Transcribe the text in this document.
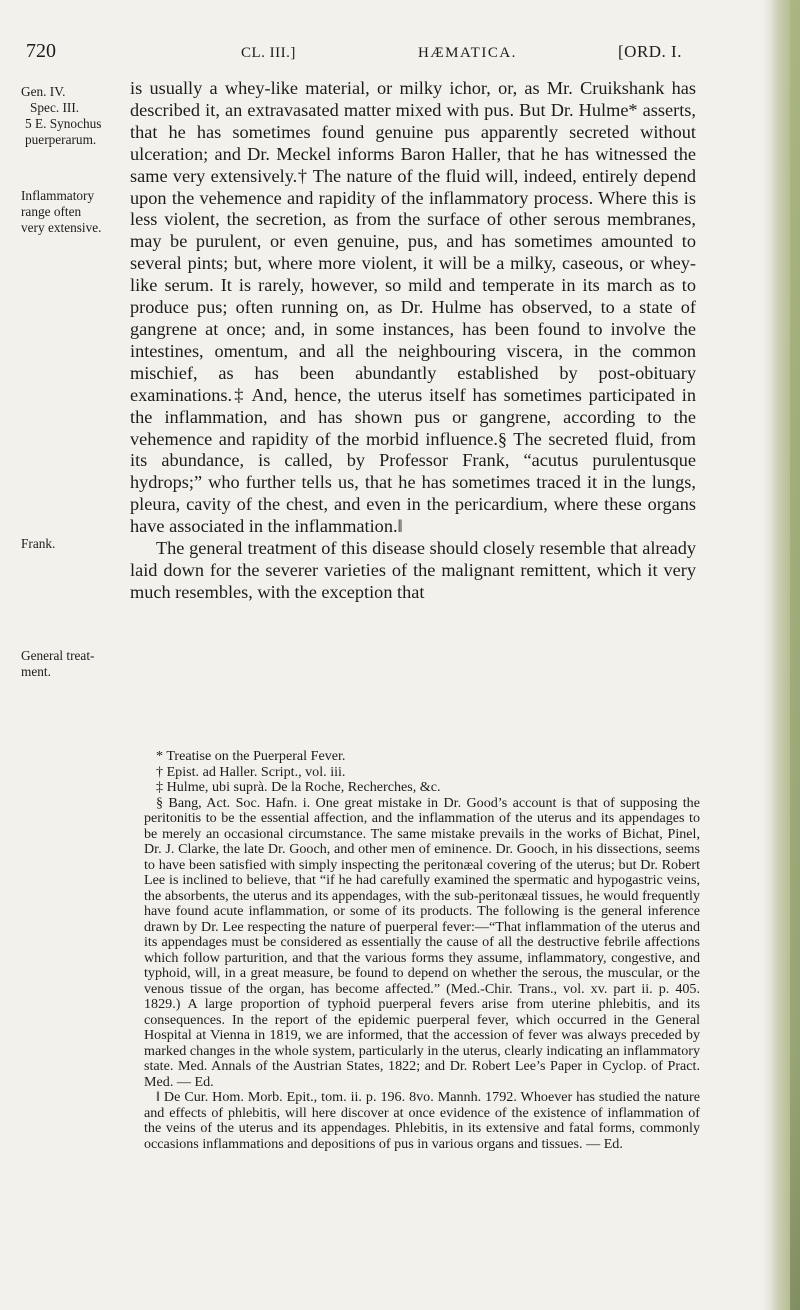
720	CL. III.]	HÆMATICA.	[ORD. I.
Gen. IV.
Spec. III.
5 E. Synochus
puerperarum.
Inflammatory
range often
very extensive.
Frank.
General treat-
ment.

is usually a whey-like material, or milky ichor, or, as Mr. Cruikshank has described it, an extravasated matter mixed with pus. But Dr. Hulme* asserts, that he has sometimes found genuine pus apparently secreted without ulceration; and Dr. Meckel informs Baron Haller, that he has witnessed the same very extensively.† The nature of the fluid will, indeed, entirely depend upon the vehemence and rapidity of the inflammatory process. Where this is less violent, the secretion, as from the surface of other serous membranes, may be purulent, or even genuine, pus, and has sometimes amounted to several pints; but, where more violent, it will be a milky, caseous, or whey-like serum. It is rarely, however, so mild and temperate in its march as to produce pus; often running on, as Dr. Hulme has observed, to a state of gangrene at once; and, in some instances, has been found to involve the intestines, omentum, and all the neighbouring viscera, in the common mischief, as has been abundantly established by post-obituary examinations.‡ And, hence, the uterus itself has sometimes participated in the inflammation, and has shown pus or gangrene, according to the vehemence and rapidity of the morbid influence.§ The secreted fluid, from its abundance, is called, by Professor Frank, “acutus purulentusque hydrops;” who further tells us, that he has sometimes traced it in the lungs, pleura, cavity of the chest, and even in the pericardium, where these organs have associated in the inflammation.‖

The general treatment of this disease should closely resemble that already laid down for the severer varieties of the malignant remittent, which it very much resembles, with the exception that

* Treatise on the Puerperal Fever.

† Epist. ad Haller. Script., vol. iii.

‡ Hulme, ubi suprà. De la Roche, Recherches, &c.

§ Bang, Act. Soc. Hafn. i. One great mistake in Dr. Good’s account is that of supposing the peritonitis to be the essential affection, and the inflammation of the uterus and its appendages to be merely an occasional circumstance. The same mistake prevails in the works of Bichat, Pinel, Dr. J. Clarke, the late Dr. Gooch, and other men of eminence. Dr. Gooch, in his dissections, seems to have been satisfied with simply inspecting the peritonæal covering of the uterus; but Dr. Robert Lee is inclined to believe, that “if he had carefully examined the spermatic and hypogastric veins, the absorbents, the uterus and its appendages, with the sub-peritonæal tissues, he would frequently have found acute inflammation, or some of its products. The following is the general inference drawn by Dr. Lee respecting the nature of puerperal fever:—“That inflammation of the uterus and its appendages must be considered as essentially the cause of all the destructive febrile affections which follow parturition, and that the various forms they assume, inflammatory, congestive, and typhoid, will, in a great measure, be found to depend on whether the serous, the muscular, or the venous tissue of the organ, has become affected.” (Med.-Chir. Trans., vol. xv. part ii. p. 405. 1829.) A large proportion of typhoid puerperal fevers arise from uterine phlebitis, and its consequences. In the report of the epidemic puerperal fever, which occurred in the General Hospital at Vienna in 1819, we are informed, that the accession of fever was always preceded by marked changes in the whole system, particularly in the uterus, clearly indicating an inflammatory state. Med. Annals of the Austrian States, 1822; and Dr. Robert Lee’s Paper in Cyclop. of Pract. Med. — Ed.

‖ De Cur. Hom. Morb. Epit., tom. ii. p. 196. 8vo. Mannh. 1792. Whoever has studied the nature and effects of phlebitis, will here discover at once evidence of the existence of inflammation of the veins of the uterus and its appendages. Phlebitis, in its extensive and fatal forms, commonly occasions inflammations and depositions of pus in various organs and tissues. — Ed.
